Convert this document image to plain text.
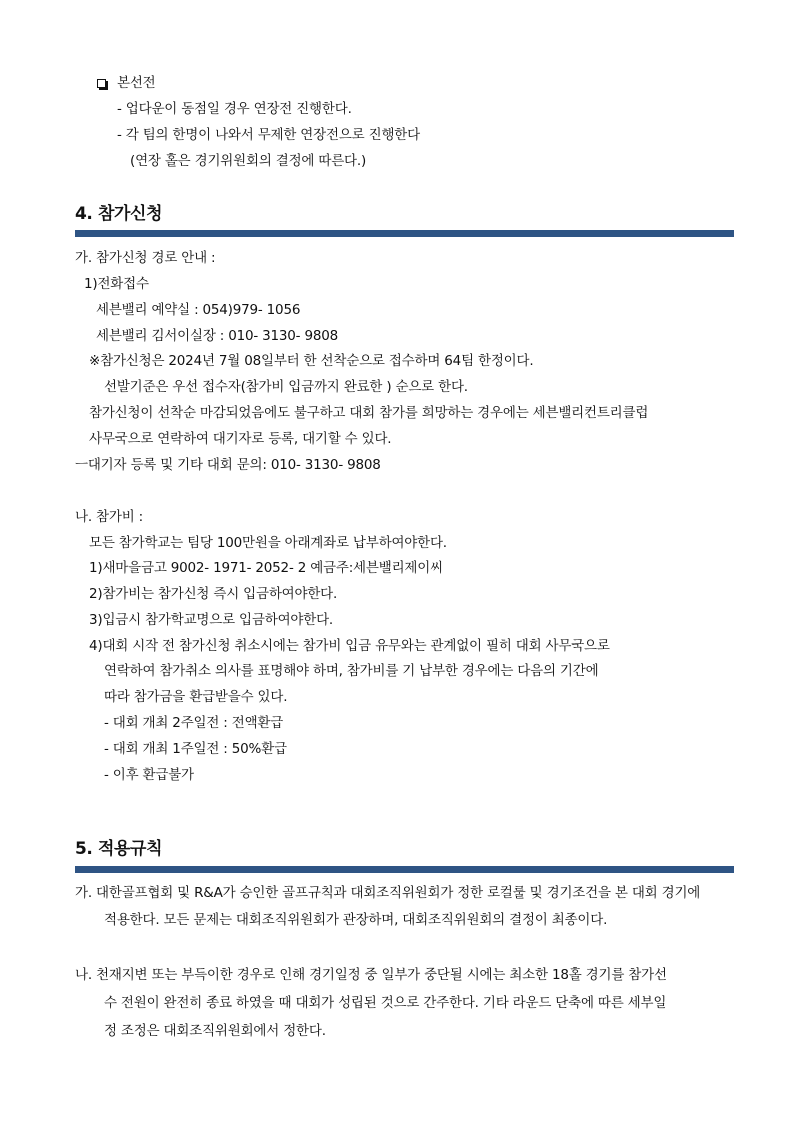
본선전
- 업다운이 동점일 경우 연장전 진행한다.
- 각 팀의 한명이 나와서 무제한 연장전으로 진행한다
(연장 홀은 경기위원회의 결정에 따른다.)
4. 참가신청
가. 참가신청 경로 안내 :
1)전화접수
세븐밸리 예약실 : 054)979- 1056
세븐밸리 김서이실장 : 010- 3130- 9808
※참가신청은 2024년 7월 08일부터 한 선착순으로 접수하며 64팀 한정이다.
선발기준은 우선 접수자(참가비 입금까지 완료한 ) 순으로 한다.
참가신청이 선착순 마감되었음에도 불구하고 대회 참가를 희망하는 경우에는 세븐밸리컨트리클럽
사무국으로 연락하여 대기자로 등록, 대기할 수 있다.
ㅡ대기자 등록 및 기타 대회 문의: 010- 3130- 9808
나. 참가비 :
모든 참가학교는 팀당 100만원을 아래계좌로 납부하여야한다.
1)새마을금고 9002- 1971- 2052- 2 예금주:세븐밸리제이씨
2)참가비는 참가신청 즉시 입금하여야한다.
3)입금시 참가학교명으로 입금하여야한다.
4)대회 시작 전 참가신청 취소시에는 참가비 입금 유무와는 관계없이 필히 대회 사무국으로
연락하여 참가취소 의사를 표명해야 하며, 참가비를 기 납부한 경우에는 다음의 기간에
따라 참가금을 환급받을수 있다.
- 대회 개최 2주일전 : 전액환급
- 대회 개최 1주일전 : 50%환급
- 이후 환급불가
5. 적용규칙
가. 대한골프협회 및 R&A가 승인한 골프규칙과 대회조직위원회가 정한 로컬룰 및 경기조건을 본 대회 경기에
적용한다. 모든 문제는 대회조직위원회가 관장하며, 대회조직위원회의 결정이 최종이다.
나. 천재지변 또는 부득이한 경우로 인해 경기일정 중 일부가 중단될 시에는 최소한 18홀 경기를 참가선
수 전원이 완전히 종료 하였을 때 대회가 성립된 것으로 간주한다. 기타 라운드 단축에 따른 세부일
정 조정은 대회조직위원회에서 정한다.
